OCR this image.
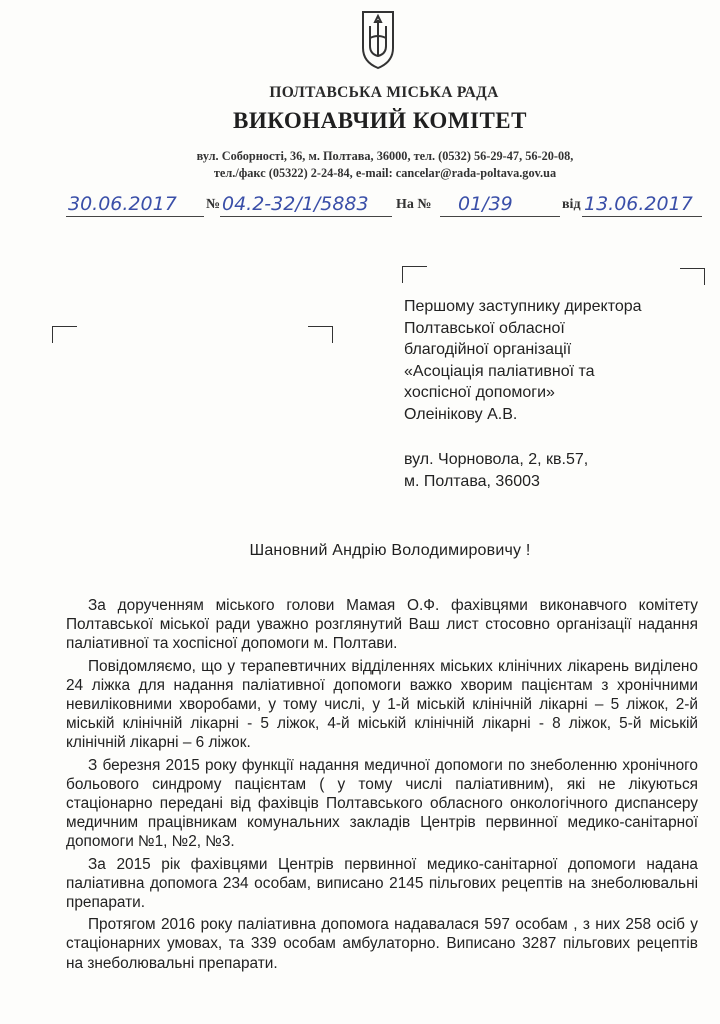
ПОЛТАВСЬКА МІСЬКА РАДА
ВИКОНАВЧИЙ КОМІТЕТ
вул. Соборності, 36, м. Полтава, 36000, тел. (0532) 56-29-47, 56-20-08,
тел./факс (05322) 2-24-84, e-mail: cancelar@rada-poltava.gov.ua
30.06.2017 № 04.2-32/1/5883 На № 01/39	від 13.06.2017
Першому заступнику директора
Полтавської обласної
благодійної організації
«Асоціація паліативної та
хоспісної допомоги»
Олеінікову А.В.
вул. Чорновола, 2, кв.57,
м. Полтава, 36003
Шановний Андрію Володимировичу !

За дорученням міського голови Мамая О.Ф. фахівцями виконавчого комітету Полтавської міської ради уважно розглянутий Ваш лист стосовно організації надання паліативної та хоспісної допомоги м. Полтави.

Повідомляємо, що у терапевтичних відділеннях міських клінічних лікарень виділено 24 ліжка для надання паліативної допомоги важко хворим пацієнтам з хронічними невиліковними хворобами, у тому числі, у 1-й міській клінічній лікарні – 5 ліжок, 2-й міській клінічній лікарні - 5 ліжок, 4-й міській клінічній лікарні - 8 ліжок, 5-й міській клінічній лікарні – 6 ліжок.

З березня 2015 року функції надання медичної допомоги по знеболенню хронічного больового синдрому пацієнтам ( у тому числі паліативним), які не лікуються стаціонарно передані від фахівців Полтавського обласного онкологічного диспансеру медичним працівникам комунальних закладів Центрів первинної медико-санітарної допомоги №1, №2, №3.

За 2015 рік фахівцями Центрів первинної медико-санітарної допомоги надана паліативна допомога 234 особам, виписано 2145 пільгових рецептів на знеболювальні препарати.

Протягом 2016 року паліативна допомога надавалася 597 особам , з них 258 осіб у стаціонарних умовах, та 339 особам амбулаторно. Виписано 3287 пільгових рецептів на знеболювальні препарати.
